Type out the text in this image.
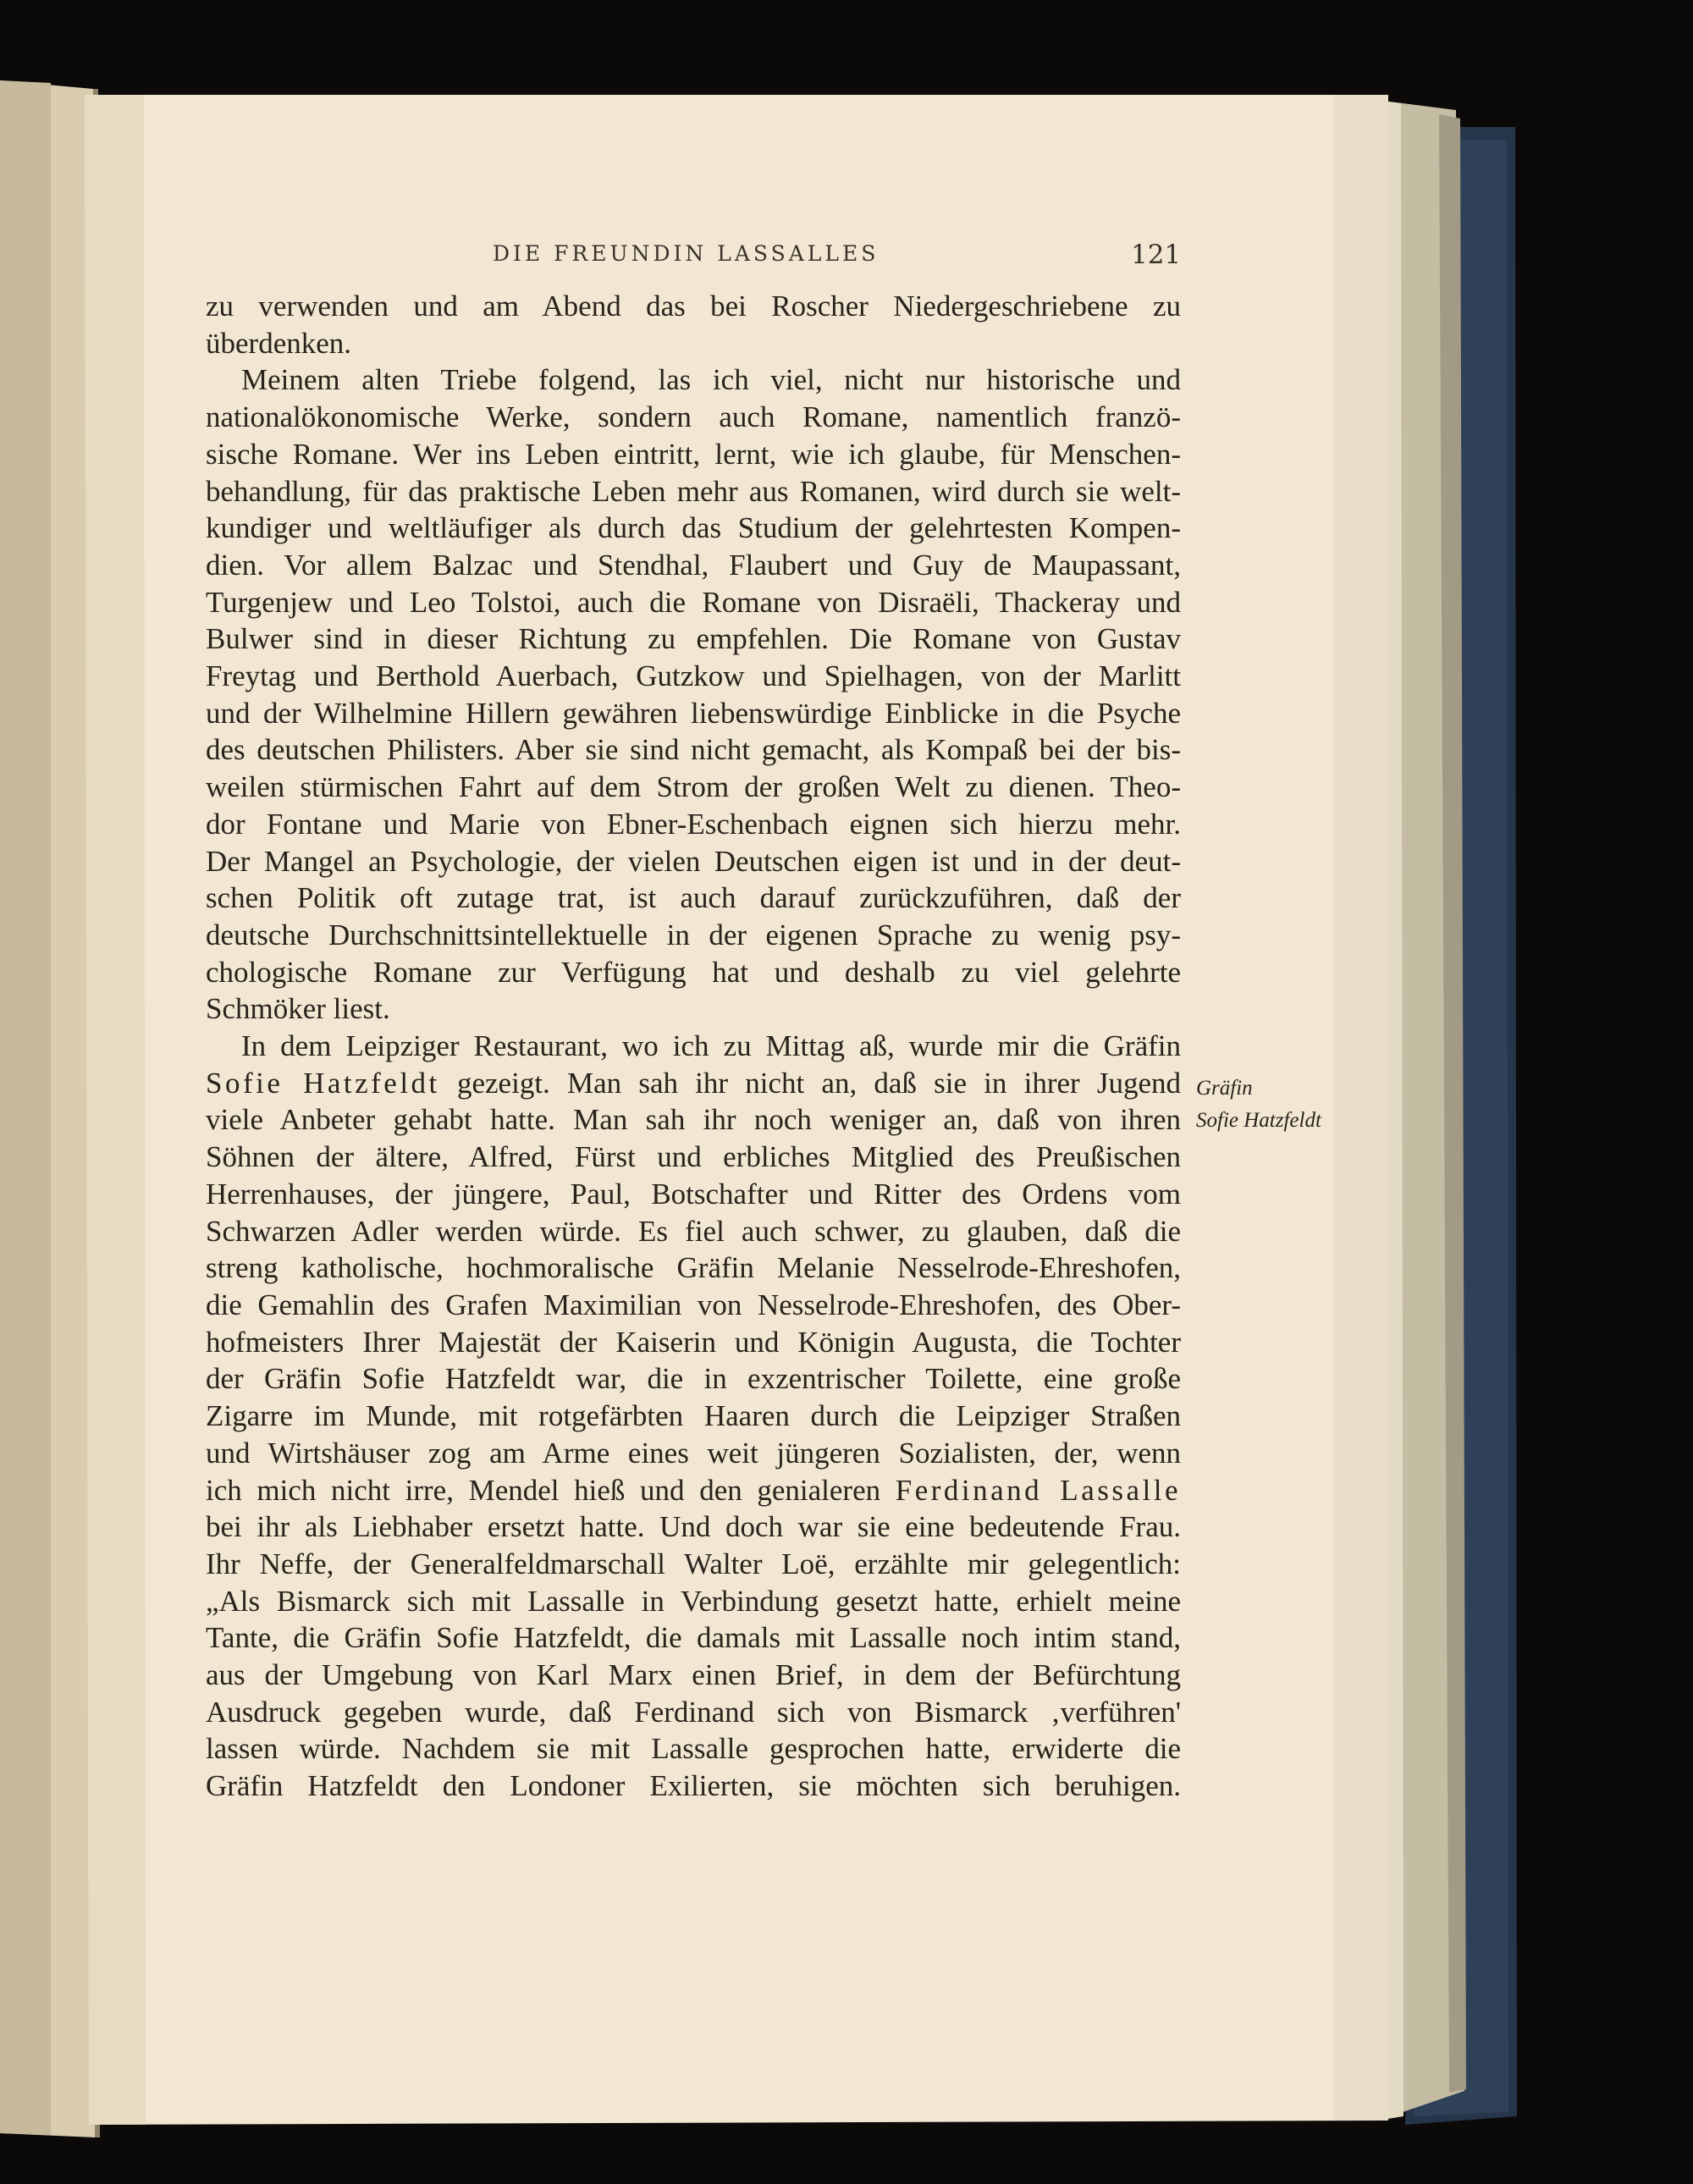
DIE FREUNDIN LASSALLES	121

zu verwenden und am Abend das bei Roscher Niedergeschriebene zu

überdenken.

Meinem alten Triebe folgend, las ich viel, nicht nur historische und

nationalökonomische Werke, sondern auch Romane, namentlich franzö-

sische Romane. Wer ins Leben eintritt, lernt, wie ich glaube, für Menschen-

behandlung, für das praktische Leben mehr aus Romanen, wird durch sie welt-

kundiger und weltläufiger als durch das Studium der gelehrtesten Kompen-

dien. Vor allem Balzac und Stendhal, Flaubert und Guy de Maupassant,

Turgenjew und Leo Tolstoi, auch die Romane von Disraëli, Thackeray und

Bulwer sind in dieser Richtung zu empfehlen. Die Romane von Gustav

Freytag und Berthold Auerbach, Gutzkow und Spielhagen, von der Marlitt

und der Wilhelmine Hillern gewähren liebenswürdige Einblicke in die Psyche

des deutschen Philisters. Aber sie sind nicht gemacht, als Kompaß bei der bis-

weilen stürmischen Fahrt auf dem Strom der großen Welt zu dienen. Theo-

dor Fontane und Marie von Ebner-Eschenbach eignen sich hierzu mehr.

Der Mangel an Psychologie, der vielen Deutschen eigen ist und in der deut-

schen Politik oft zutage trat, ist auch darauf zurückzuführen, daß der

deutsche Durchschnittsintellektuelle in der eigenen Sprache zu wenig psy-

chologische Romane zur Verfügung hat und deshalb zu viel gelehrte

Schmöker liest.

In dem Leipziger Restaurant, wo ich zu Mittag aß, wurde mir die Gräfin

Sofie Hatzfeldt gezeigt. Man sah ihr nicht an, daß sie in ihrer Jugend

viele Anbeter gehabt hatte. Man sah ihr noch weniger an, daß von ihren

Söhnen der ältere, Alfred, Fürst und erbliches Mitglied des Preußischen

Herrenhauses, der jüngere, Paul, Botschafter und Ritter des Ordens vom

Schwarzen Adler werden würde. Es fiel auch schwer, zu glauben, daß die

streng katholische, hochmoralische Gräfin Melanie Nesselrode-Ehreshofen,

die Gemahlin des Grafen Maximilian von Nesselrode-Ehreshofen, des Ober-

hofmeisters Ihrer Majestät der Kaiserin und Königin Augusta, die Tochter

der Gräfin Sofie Hatzfeldt war, die in exzentrischer Toilette, eine große

Zigarre im Munde, mit rotgefärbten Haaren durch die Leipziger Straßen

und Wirtshäuser zog am Arme eines weit jüngeren Sozialisten, der, wenn

ich mich nicht irre, Mendel hieß und den genialeren Ferdinand Lassalle

bei ihr als Liebhaber ersetzt hatte. Und doch war sie eine bedeutende Frau.

Ihr Neffe, der Generalfeldmarschall Walter Loë, erzählte mir gelegentlich:

„Als Bismarck sich mit Lassalle in Verbindung gesetzt hatte, erhielt meine

Tante, die Gräfin Sofie Hatzfeldt, die damals mit Lassalle noch intim stand,

aus der Umgebung von Karl Marx einen Brief, in dem der Befürchtung

Ausdruck gegeben wurde, daß Ferdinand sich von Bismarck ‚verführen'

lassen würde. Nachdem sie mit Lassalle gesprochen hatte, erwiderte die

Gräfin Hatzfeldt den Londoner Exilierten, sie möchten sich beruhigen.

Gräfin
Sofie Hatzfeldt
